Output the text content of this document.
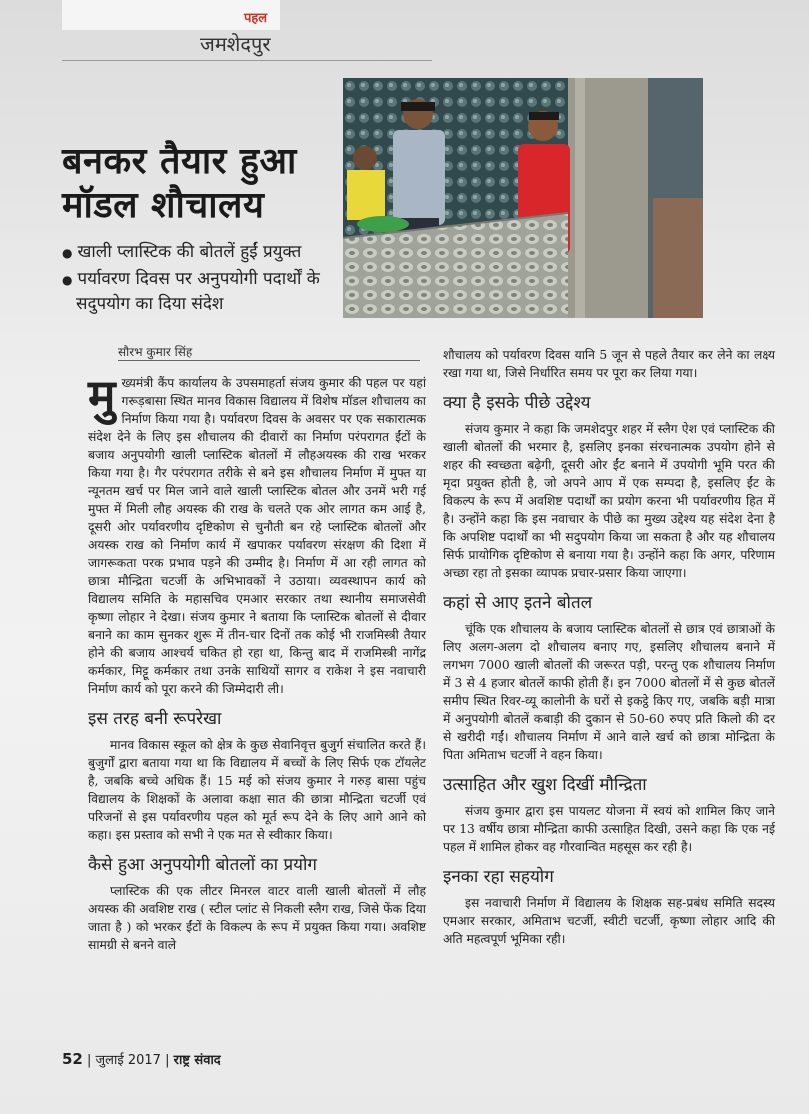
पहल
जमशेदपुर
बनकर तैयार हुआ मॉडल शौचालय
● खाली प्लास्टिक की बोतलें हुईं प्रयुक्त
● पर्यावरण दिवस पर अनुपयोगी पदार्थों के सदुपयोग का दिया संदेश
सौरभ कुमार सिंह

मुख्यमंत्री कैंप कार्यालय के उपसमाहर्ता संजय कुमार की पहल पर यहां गरूड़बासा स्थित मानव विकास विद्यालय में विशेष मॉडल शौचालय का निर्माण किया गया है। पर्यावरण दिवस के अवसर पर एक सकारात्मक संदेश देने के लिए इस शौचालय की दीवारों का निर्माण परंपरागत ईंटों के बजाय अनुपयोगी खाली प्लास्टिक बोतलों में लौहअयस्क की राख भरकर किया गया है। गैर परंपरागत तरीके से बने इस शौचालय निर्माण में मुफ्त या न्यूनतम खर्च पर मिल जाने वाले खाली प्लास्टिक बोतल और उनमें भरी गई मुफ्त में मिली लौह अयस्क की राख के चलते एक ओर लागत कम आई है, दूसरी ओर पर्यावरणीय दृष्टिकोण से चुनौती बन रहे प्लास्टिक बोतलों और अयस्क राख को निर्माण कार्य में खपाकर पर्यावरण संरक्षण की दिशा में जागरूकता परक प्रभाव पड़ने की उम्मीद है। निर्माण में आ रही लागत को छात्रा मौन्द्रिता चटर्जी के अभिभावकों ने उठाया। व्यवस्थापन कार्य को विद्यालय समिति के महासचिव एमआर सरकार तथा स्थानीय समाजसेवी कृष्णा लोहार ने देखा। संजय कुमार ने बताया कि प्लास्टिक बोतलों से दीवार बनाने का काम सुनकर शुरू में तीन-चार दिनों तक कोई भी राजमिस्त्री तैयार होने की बजाय आश्चर्य चकित हो रहा था, किन्तु बाद में राजमिस्त्री नागेंद्र कर्मकार, मिट्टू कर्मकार तथा उनके साथियों सागर व राकेश ने इस नवाचारी निर्माण कार्य को पूरा करने की जिम्मेदारी ली।

इस तरह बनी रूपरेखा

मानव विकास स्कूल को क्षेत्र के कुछ सेवानिवृत्त बुजुर्ग संचालित करते हैं। बुजुर्गों द्वारा बताया गया था कि विद्यालय में बच्चों के लिए सिर्फ एक टॉयलेट है, जबकि बच्चे अधिक हैं। 15 मई को संजय कुमार ने गरुड़ बासा पहुंच विद्यालय के शिक्षकों के अलावा कक्षा सात की छात्रा मौन्द्रिता चटर्जी एवं परिजनों से इस पर्यावरणीय पहल को मूर्त रूप देने के लिए आगे आने को कहा। इस प्रस्ताव को सभी ने एक मत से स्वीकार किया।

कैसे हुआ अनुपयोगी बोतलों का प्रयोग

प्लास्टिक की एक लीटर मिनरल वाटर वाली खाली बोतलों में लौह अयस्क की अवशिष्ट राख ( स्टील प्लांट से निकली स्लैग राख, जिसे फेंक दिया जाता है ) को भरकर ईंटों के विकल्प के रूप में प्रयुक्त किया गया। अवशिष्ट सामग्री से बनने वाले

शौचालय को पर्यावरण दिवस यानि 5 जून से पहले तैयार कर लेने का लक्ष्य रखा गया था, जिसे निर्धारित समय पर पूरा कर लिया गया।

क्या है इसके पीछे उद्देश्य

संजय कुमार ने कहा कि जमशेदपुर शहर में स्लैग ऐश एवं प्लास्टिक की खाली बोतलों की भरमार है, इसलिए इनका संरचनात्मक उपयोग होने से शहर की स्वच्छता बढ़ेगी, दूसरी ओर ईंट बनाने में उपयोगी भूमि परत की मृदा प्रयुक्त होती है, जो अपने आप में एक सम्पदा है, इसलिए ईंट के विकल्प के रूप में अवशिष्ट पदार्थों का प्रयोग करना भी पर्यावरणीय हित में है। उन्होंने कहा कि इस नवाचार के पीछे का मुख्य उद्देश्य यह संदेश देना है कि अपशिष्ट पदार्थों का भी सदुपयोग किया जा सकता है और यह शौचालय सिर्फ प्रायोगिक दृष्टिकोण से बनाया गया है। उन्होंने कहा कि अगर, परिणाम अच्छा रहा तो इसका व्यापक प्रचार-प्रसार किया जाएगा।

कहां से आए इतने बोतल

चूंकि एक शौचालय के बजाय प्लास्टिक बोतलों से छात्र एवं छात्राओं के लिए अलग-अलग दो शौचालय बनाए गए, इसलिए शौचालय बनाने में लगभग 7000 खाली बोतलों की जरूरत पड़ी, परन्तु एक शौचालय निर्माण में 3 से 4 हजार बोतलें काफी होती हैं। इन 7000 बोतलों में से कुछ बोतलें समीप स्थित रिवर-व्यू कालोनी के घरों से इकट्ठे किए गए, जबकि बड़ी मात्रा में अनुपयोगी बोतलें कबाड़ी की दुकान से 50-60 रुपए प्रति किलो की दर से खरीदी गईं। शौचालय निर्माण में आने वाले खर्च को छात्रा मोन्द्रिता के पिता अमिताभ चटर्जी ने वहन किया।

उत्साहित और खुश दिखीं मौन्द्रिता

संजय कुमार द्वारा इस पायलट योजना में स्वयं को शामिल किए जाने पर 13 वर्षीय छात्रा मौन्द्रिता काफी उत्साहित दिखी, उसने कहा कि एक नई पहल में शामिल होकर वह गौरवान्वित महसूस कर रही है।

इनका रहा सहयोग

इस नवाचारी निर्माण में विद्यालय के शिक्षक सह-प्रबंध समिति सदस्य एमआर सरकार, अमिताभ चटर्जी, स्वीटी चटर्जी, कृष्णा लोहार आदि की अति महत्वपूर्ण भूमिका रही।

52 | जुलाई 2017 | राष्ट्र संवाद
